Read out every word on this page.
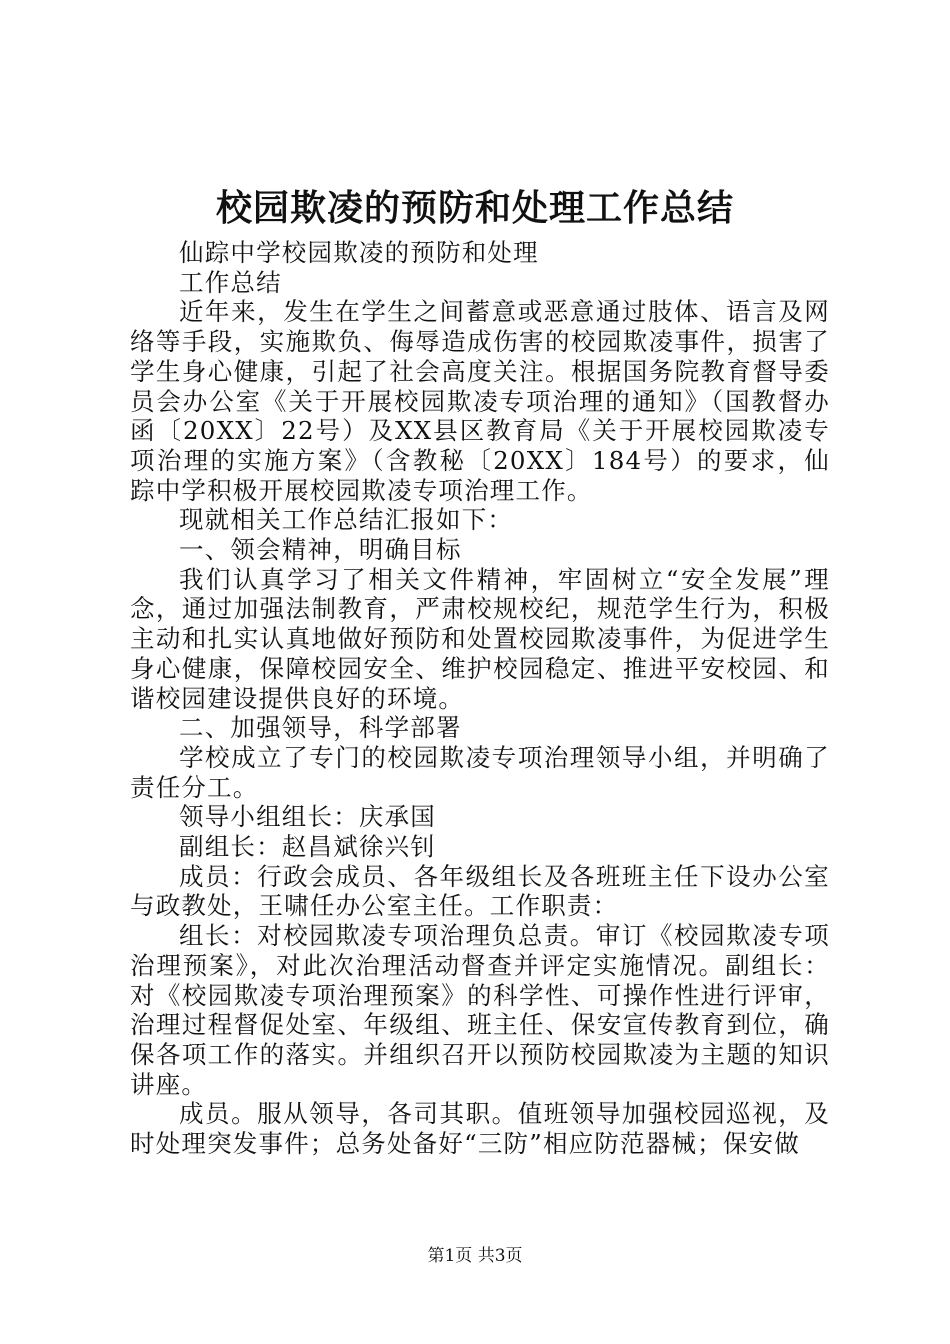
校园欺凌的预防和处理工作总结

仙踪中学校园欺凌的预防和处理

工作总结

近年来，发生在学生之间蓄意或恶意通过肢体、语言及网络等手段，实施欺负、侮辱造成伤害的校园欺凌事件，损害了学生身心健康，引起了社会高度关注。根据国务院教育督导委员会办公室《关于开展校园欺凌专项治理的通知》（国教督办函〔20XX〕22号）及XX县区教育局《关于开展校园欺凌专项治理的实施方案》（含教秘〔20XX〕184号）的要求，仙踪中学积极开展校园欺凌专项治理工作。

现就相关工作总结汇报如下：

一、领会精神，明确目标

我们认真学习了相关文件精神，牢固树立“安全发展”理念，通过加强法制教育，严肃校规校纪，规范学生行为，积极主动和扎实认真地做好预防和处置校园欺凌事件，为促进学生身心健康，保障校园安全、维护校园稳定、推进平安校园、和谐校园建设提供良好的环境。

二、加强领导，科学部署

学校成立了专门的校园欺凌专项治理领导小组，并明确了责任分工。

领导小组组长：庆承国

副组长：赵昌斌徐兴钊

成员：行政会成员、各年级组长及各班班主任下设办公室与政教处，王啸任办公室主任。工作职责：

组长：对校园欺凌专项治理负总责。审订《校园欺凌专项治理预案》，对此次治理活动督查并评定实施情况。副组长：对《校园欺凌专项治理预案》的科学性、可操作性进行评审，治理过程督促处室、年级组、班主任、保安宣传教育到位，确保各项工作的落实。并组织召开以预防校园欺凌为主题的知识讲座。

成员。服从领导，各司其职。值班领导加强校园巡视，及时处理突发事件；总务处备好“三防”相应防范器械；保安做

第1页 共3页
